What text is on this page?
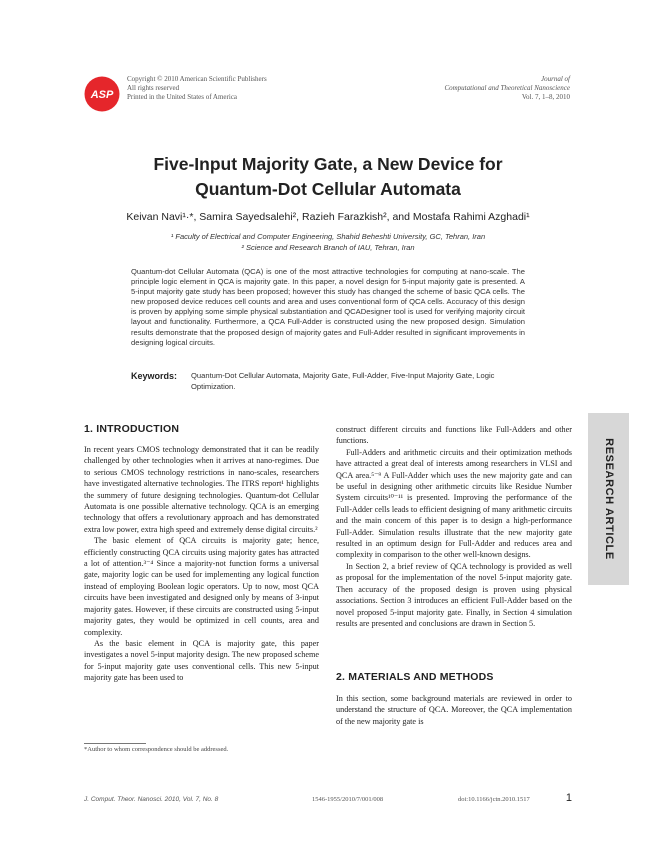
ASP
Copyright © 2010 American Scientific Publishers
All rights reserved
Printed in the United States of America
Journal of
Computational and Theoretical Nanoscience
Vol. 7, 1–8, 2010
Five-Input Majority Gate, a New Device for
Quantum-Dot Cellular Automata
Keivan Navi¹·*, Samira Sayedsalehi², Razieh Farazkish², and Mostafa Rahimi Azghadi¹
¹ Faculty of Electrical and Computer Engineering, Shahid Beheshti University, GC, Tehran, Iran
² Science and Research Branch of IAU, Tehran, Iran
Quantum-dot Cellular Automata (QCA) is one of the most attractive technologies for computing at nano-scale. The principle logic element in QCA is majority gate. In this paper, a novel design for 5-input majority gate is presented. A 5-input majority gate study has been proposed; however this study has changed the scheme of basic QCA cells. The new proposed device reduces cell counts and area and uses conventional form of QCA cells. Accuracy of this design is proven by applying some simple physical substantiation and QCADesigner tool is used for verifying majority circuit layout and functionality. Furthermore, a QCA Full-Adder is constructed using the new proposed design. Simulation results demonstrate that the proposed design of majority gates and Full-Adder resulted in significant improvements in designing logical circuits.
Keywords: Quantum-Dot Cellular Automata, Majority Gate, Full-Adder, Five-Input Majority Gate, Logic Optimization.
RESEARCH ARTICLE
1. INTRODUCTION

In recent years CMOS technology demonstrated that it can be readily challenged by other technologies when it arrives at nano-regimes. Due to serious CMOS technology restrictions in nano-scales, researchers have investigated alternative technologies. The ITRS report¹ highlights the summery of future designing technologies. Quantum-dot Cellular Automata is one possible alternative technology. QCA is an emerging technology that offers a revolutionary approach and has demonstrated extra low power, extra high speed and extremely dense digital circuits.²

The basic element of QCA circuits is majority gate; hence, efficiently constructing QCA circuits using majority gates has attracted a lot of attention.³⁻⁴ Since a majority-not function forms a universal gate, majority logic can be used for implementing any logical function instead of employing Boolean logic operators. Up to now, most QCA circuits have been investigated and designed only by means of 3-input majority gates. However, if these circuits are constructed using 5-input majority gates, they would be optimized in cell counts, area and complexity.

As the basic element in QCA is majority gate, this paper investigates a novel 5-input majority design. The new proposed scheme for 5-input majority gate uses conventional cells. This new 5-input majority gate has been used to

construct different circuits and functions like Full-Adders and other functions.

Full-Adders and arithmetic circuits and their optimization methods have attracted a great deal of interests among researchers in VLSI and QCA area.⁵⁻⁹ A Full-Adder which uses the new majority gate and can be useful in designing other arithmetic circuits like Residue Number System circuits¹⁰⁻¹¹ is presented. Improving the performance of the Full-Adder cells leads to efficient designing of many arithmetic circuits and the main concern of this paper is to design a high-performance Full-Adder. Simulation results illustrate that the new majority gate resulted in an optimum design for Full-Adder and reduces area and complexity in comparison to the other well-known designs.

In Section 2, a brief review of QCA technology is provided as well as proposal for the implementation of the novel 5-input majority gate. Then accuracy of the proposed design is proven using physical associations. Section 3 introduces an efficient Full-Adder based on the novel proposed 5-input majority gate. Finally, in Section 4 simulation results are presented and conclusions are drawn in Section 5.

2. MATERIALS AND METHODS

In this section, some background materials are reviewed in order to understand the structure of QCA. Moreover, the QCA implementation of the new majority gate is

*Author to whom correspondence should be addressed.
J. Comput. Theor. Nanosci. 2010, Vol. 7, No. 8	1546-1955/2010/7/001/008	doi:10.1166/jctn.2010.1517	1
